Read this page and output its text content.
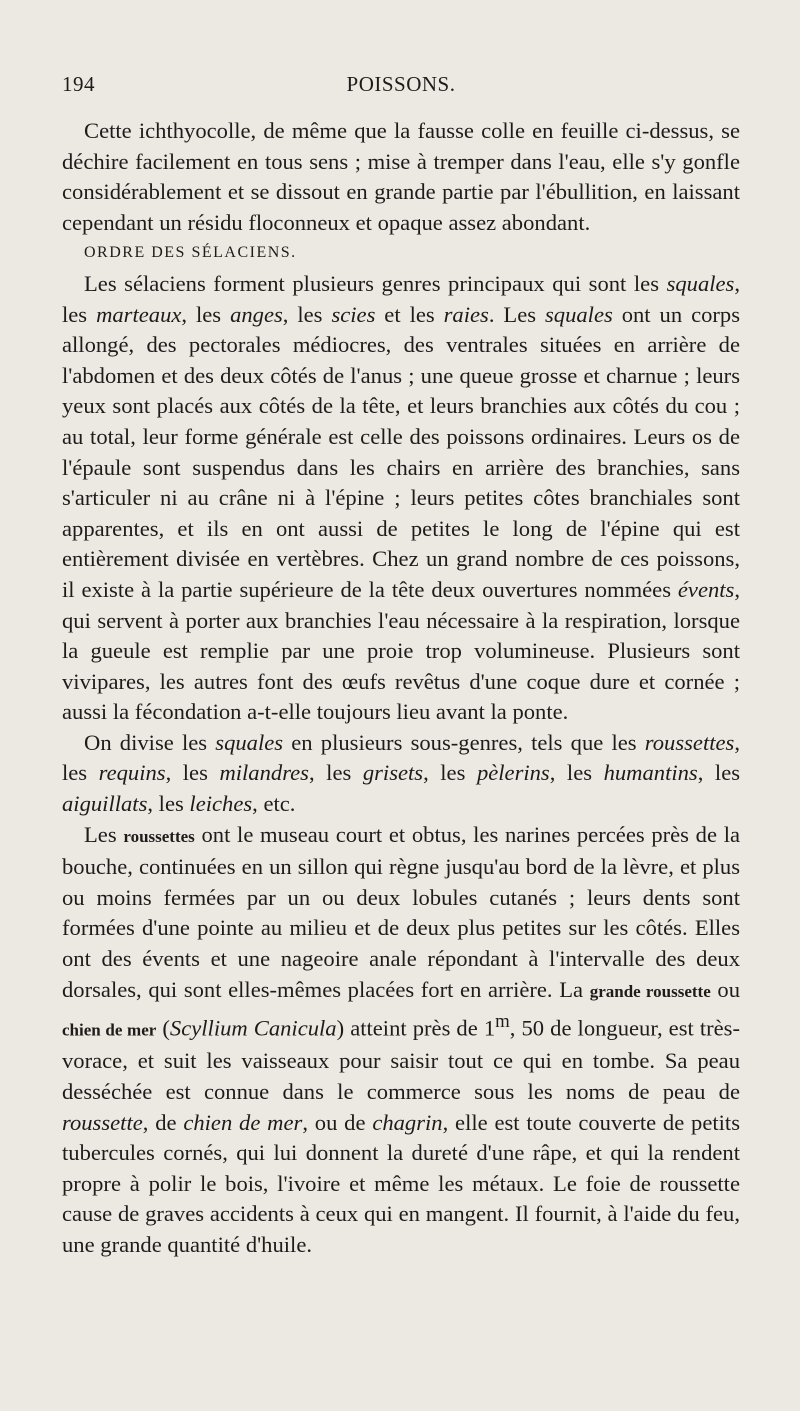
194	POISSONS.

Cette ichthyocolle, de même que la fausse colle en feuille ci-dessus, se déchire facilement en tous sens ; mise à tremper dans l'eau, elle s'y gonfle considérablement et se dissout en grande partie par l'ébullition, en laissant cependant un résidu floconneux et opaque assez abondant.

ORDRE DES SÉLACIENS.

Les sélaciens forment plusieurs genres principaux qui sont les squales, les marteaux, les anges, les scies et les raies. Les squales ont un corps allongé, des pectorales médiocres, des ventrales situées en arrière de l'abdomen et des deux côtés de l'anus ; une queue grosse et charnue ; leurs yeux sont placés aux côtés de la tête, et leurs branchies aux côtés du cou ; au total, leur forme générale est celle des poissons ordinaires. Leurs os de l'épaule sont suspendus dans les chairs en arrière des branchies, sans s'articuler ni au crâne ni à l'épine ; leurs petites côtes branchiales sont apparentes, et ils en ont aussi de petites le long de l'épine qui est entièrement divisée en vertèbres. Chez un grand nombre de ces poissons, il existe à la partie supérieure de la tête deux ouvertures nommées évents, qui servent à porter aux branchies l'eau nécessaire à la respiration, lorsque la gueule est remplie par une proie trop volumineuse. Plusieurs sont vivipares, les autres font des œufs revêtus d'une coque dure et cornée ; aussi la fécondation a-t-elle toujours lieu avant la ponte.

On divise les squales en plusieurs sous-genres, tels que les roussettes, les requins, les milandres, les grisets, les pèlerins, les humantins, les aiguillats, les leiches, etc.

Les roussettes ont le museau court et obtus, les narines percées près de la bouche, continuées en un sillon qui règne jusqu'au bord de la lèvre, et plus ou moins fermées par un ou deux lobules cutanés ; leurs dents sont formées d'une pointe au milieu et de deux plus petites sur les côtés. Elles ont des évents et une nageoire anale répondant à l'intervalle des deux dorsales, qui sont elles-mêmes placées fort en arrière. La grande roussette ou chien de mer (Scyllium Canicula) atteint près de 1$^m$, 50 de longueur, est très-vorace, et suit les vaisseaux pour saisir tout ce qui en tombe. Sa peau desséchée est connue dans le commerce sous les noms de peau de roussette, de chien de mer, ou de chagrin, elle est toute couverte de petits tubercules cornés, qui lui donnent la dureté d'une râpe, et qui la rendent propre à polir le bois, l'ivoire et même les métaux. Le foie de roussette cause de graves accidents à ceux qui en mangent. Il fournit, à l'aide du feu, une grande quantité d'huile.
